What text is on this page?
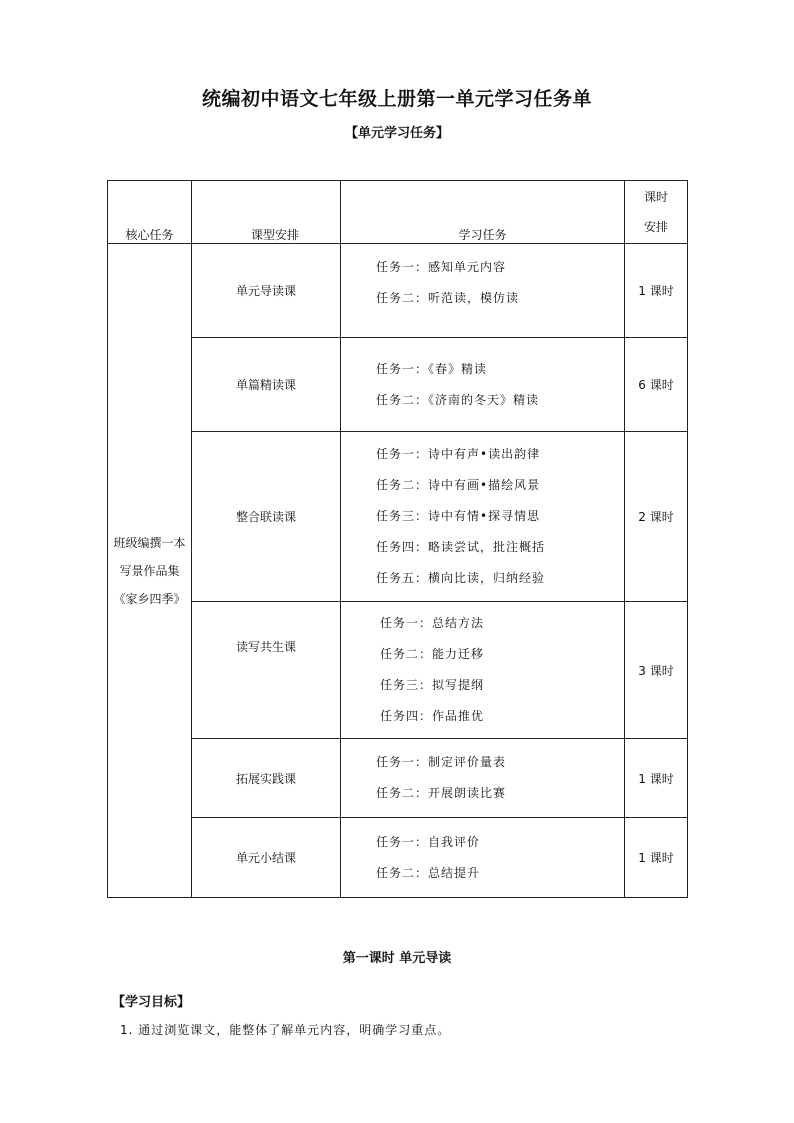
统编初中语文七年级上册第一单元学习任务单
【单元学习任务】
核心任务	课型安排	学习任务	课时
安排

班级编撰一本写景作品集《家乡四季》	单元导读课	任务一：感知单元内容
任务二：听范读，模仿读	1 课时
	单篇精读课	任务一：《春》精读
任务二：《济南的冬天》精读	6 课时
	整合联读课	任务一：诗中有声•读出韵律
任务二：诗中有画•描绘风景
任务三：诗中有情•探寻情思
任务四：略读尝试，批注概括
任务五：横向比读，归纳经验	2 课时
	读写共生课	任务一：总结方法
任务二：能力迁移
任务三：拟写提纲
任务四：作品推优	3 课时
	拓展实践课	任务一：制定评价量表
任务二：开展朗读比赛	1 课时
	单元小结课	任务一：自我评价
任务二：总结提升	1 课时
第一课时 单元导读
【学习目标】
1. 通过浏览课文，能整体了解单元内容，明确学习重点。
